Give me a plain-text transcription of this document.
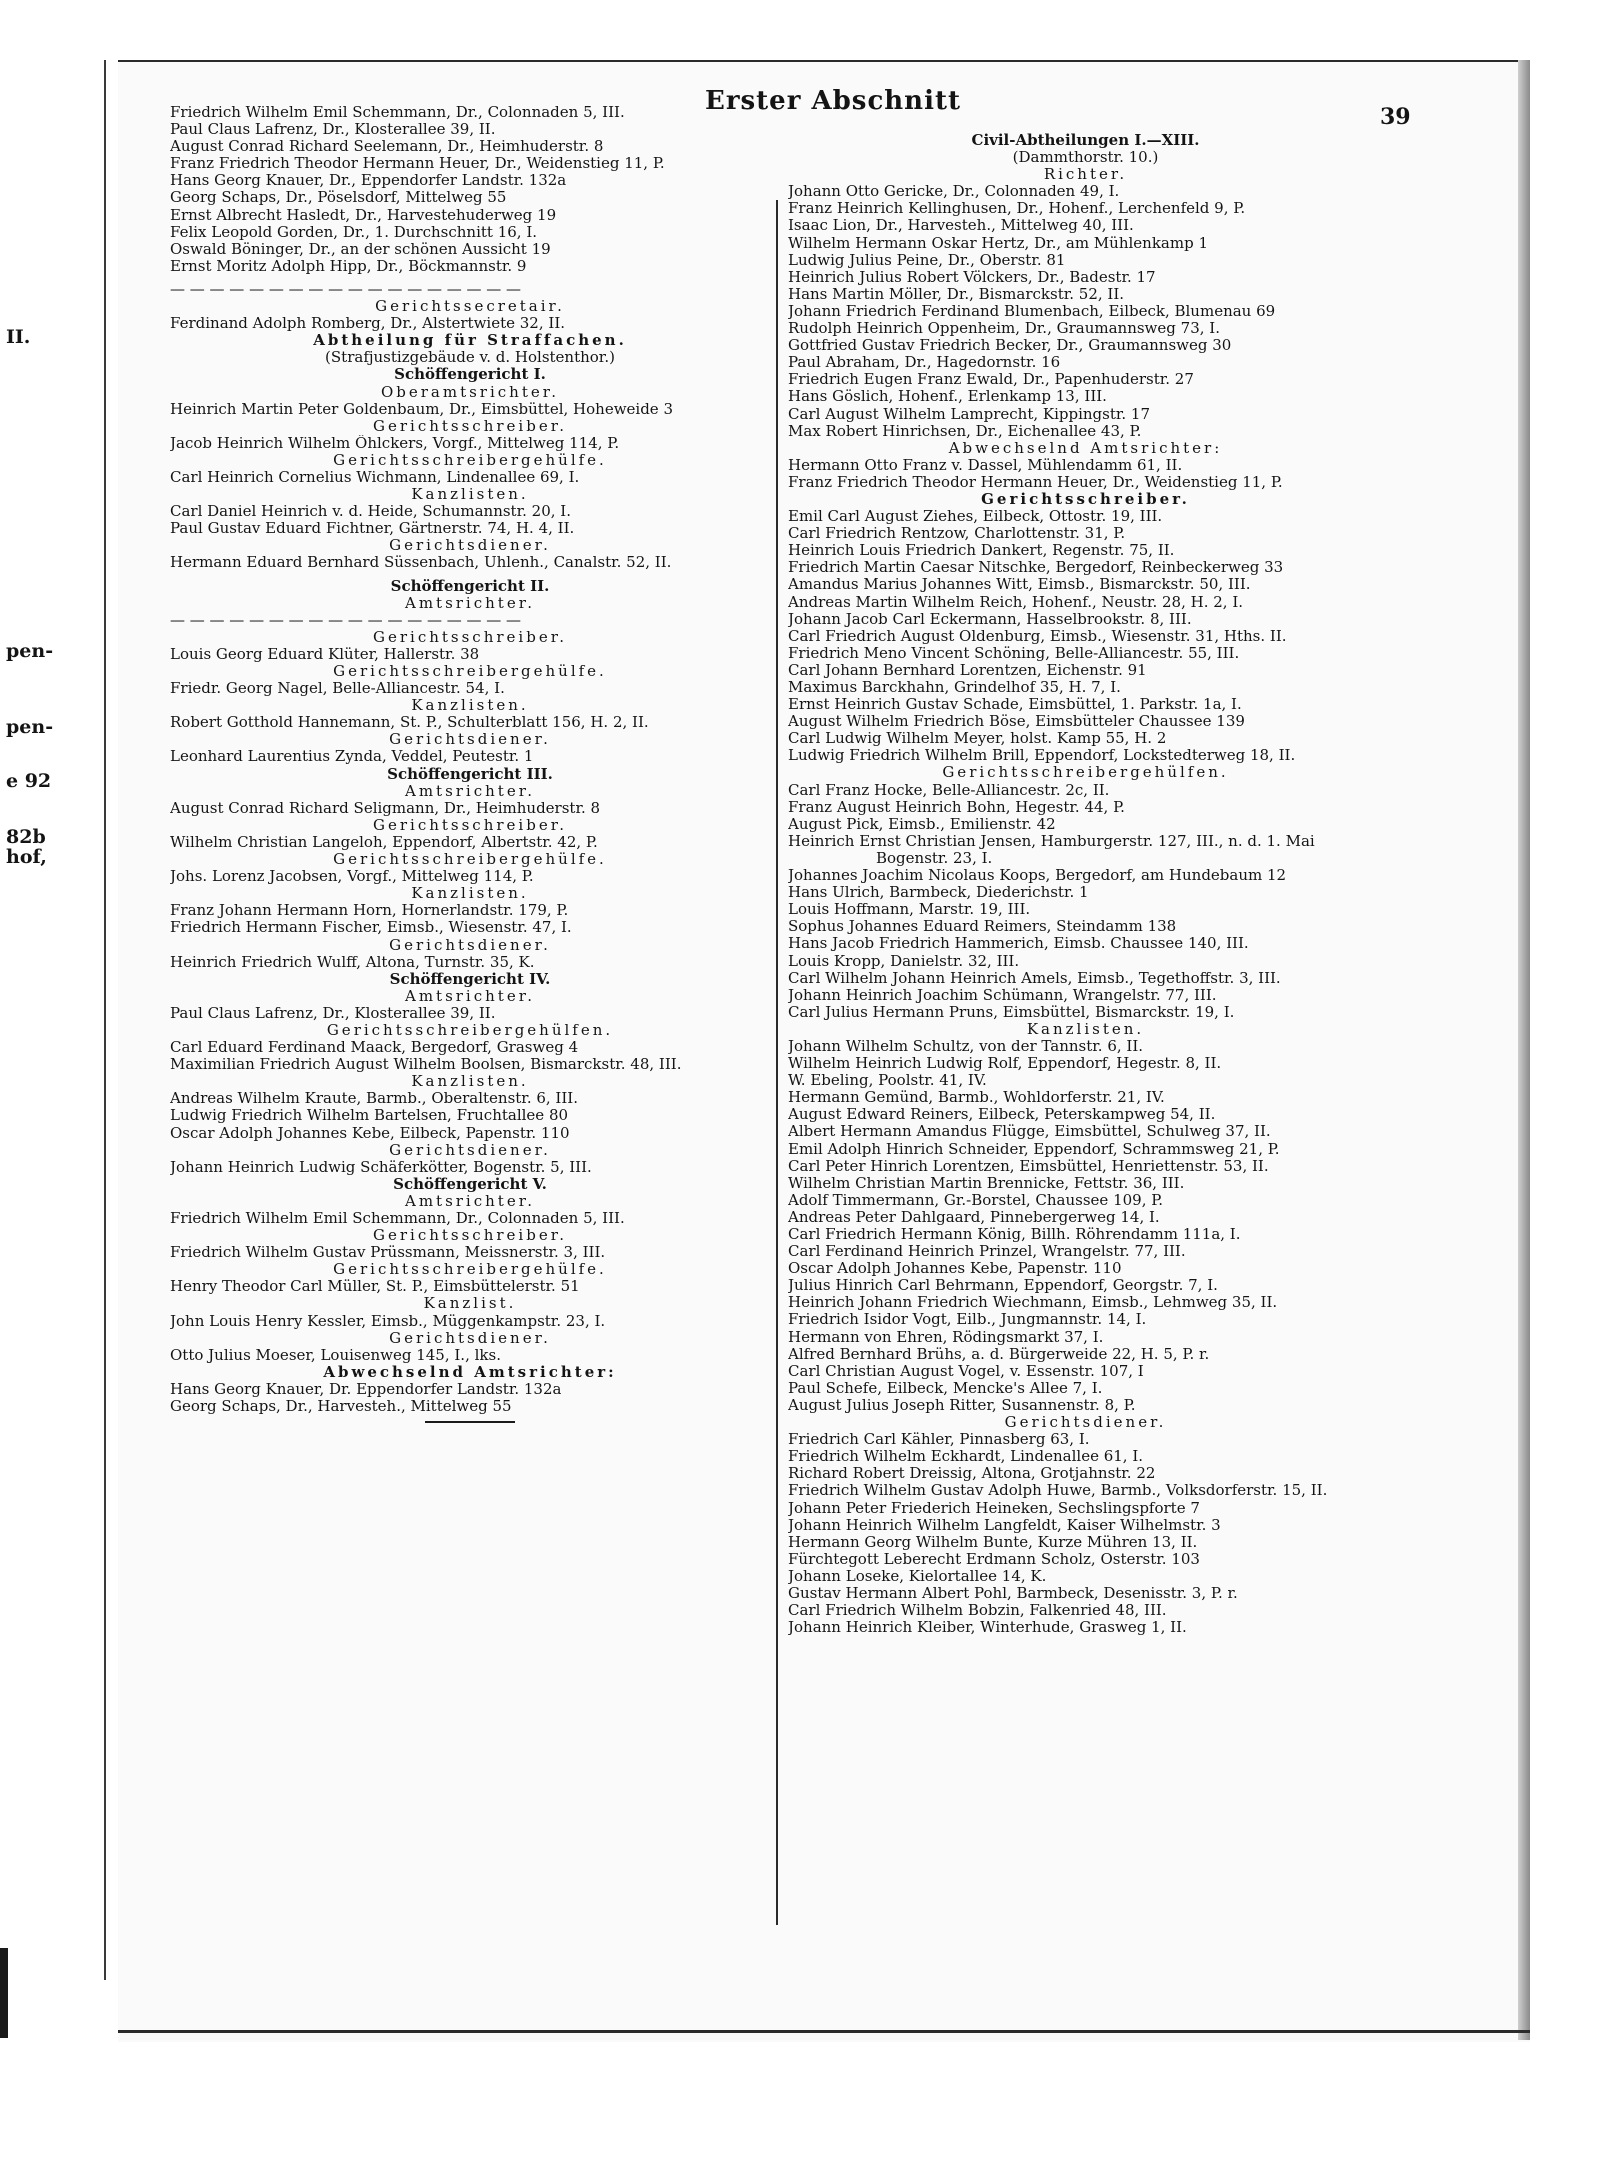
II.
pen-
pen-
e 92
82b
hof,
Erster Abschnitt
39
Friedrich Wilhelm Emil Schemmann, Dr., Colonnaden 5, III.
Paul Claus Lafrenz, Dr., Klosterallee 39, II.
August Conrad Richard Seelemann, Dr., Heimhuderstr. 8
Franz Friedrich Theodor Hermann Heuer, Dr., Weidenstieg 11, P.
Hans Georg Knauer, Dr., Eppendorfer Landstr. 132a
Georg Schaps, Dr., Pöselsdorf, Mittelweg 55
Ernst Albrecht Hasledt, Dr., Harvestehuderweg 19
Felix Leopold Gorden, Dr., 1. Durchschnitt 16, I.
Oswald Böninger, Dr., an der schönen Aussicht 19
Ernst Moritz Adolph Hipp, Dr., Böckmannstr. 9
— — — — — — — — — — — — — — — — — —
Gerichtssecretair.
Ferdinand Adolph Romberg, Dr., Alstertwiete 32, II.
Abtheilung für Straffachen.
(Strafjustizgebäude v. d. Holstenthor.)
Schöffengericht I.
Oberamtsrichter.
Heinrich Martin Peter Goldenbaum, Dr., Eimsbüttel, Hoheweide 3
Gerichtsschreiber.
Jacob Heinrich Wilhelm Öhlckers, Vorgf., Mittelweg 114, P.
Gerichtsschreibergehülfe.
Carl Heinrich Cornelius Wichmann, Lindenallee 69, I.
Kanzlisten.
Carl Daniel Heinrich v. d. Heide, Schumannstr. 20, I.
Paul Gustav Eduard Fichtner, Gärtnerstr. 74, H. 4, II.
Gerichtsdiener.
Hermann Eduard Bernhard Süssenbach, Uhlenh., Canalstr. 52, II.
Schöffengericht II.
Amtsrichter.
— — — — — — — — — — — — — — — — — —
Gerichtsschreiber.
Louis Georg Eduard Klüter, Hallerstr. 38
Gerichtsschreibergehülfe.
Friedr. Georg Nagel, Belle-Alliancestr. 54, I.
Kanzlisten.
Robert Gotthold Hannemann, St. P., Schulterblatt 156, H. 2, II.
Gerichtsdiener.
Leonhard Laurentius Zynda, Veddel, Peutestr. 1
Schöffengericht III.
Amtsrichter.
August Conrad Richard Seligmann, Dr., Heimhuderstr. 8
Gerichtsschreiber.
Wilhelm Christian Langeloh, Eppendorf, Albertstr. 42, P.
Gerichtsschreibergehülfe.
Johs. Lorenz Jacobsen, Vorgf., Mittelweg 114, P.
Kanzlisten.
Franz Johann Hermann Horn, Hornerlandstr. 179, P.
Friedrich Hermann Fischer, Eimsb., Wiesenstr. 47, I.
Gerichtsdiener.
Heinrich Friedrich Wulff, Altona, Turnstr. 35, K.
Schöffengericht IV.
Amtsrichter.
Paul Claus Lafrenz, Dr., Klosterallee 39, II.
Gerichtsschreibergehülfen.
Carl Eduard Ferdinand Maack, Bergedorf, Grasweg 4
Maximilian Friedrich August Wilhelm Boolsen, Bismarckstr. 48, III.
Kanzlisten.
Andreas Wilhelm Kraute, Barmb., Oberaltenstr. 6, III.
Ludwig Friedrich Wilhelm Bartelsen, Fruchtallee 80
Oscar Adolph Johannes Kebe, Eilbeck, Papenstr. 110
Gerichtsdiener.
Johann Heinrich Ludwig Schäferkötter, Bogenstr. 5, III.
Schöffengericht V.
Amtsrichter.
Friedrich Wilhelm Emil Schemmann, Dr., Colonnaden 5, III.
Gerichtsschreiber.
Friedrich Wilhelm Gustav Prüssmann, Meissnerstr. 3, III.
Gerichtsschreibergehülfe.
Henry Theodor Carl Müller, St. P., Eimsbüttelerstr. 51
Kanzlist.
John Louis Henry Kessler, Eimsb., Müggenkampstr. 23, I.
Gerichtsdiener.
Otto Julius Moeser, Louisenweg 145, I., lks.
Abwechselnd Amtsrichter:
Hans Georg Knauer, Dr. Eppendorfer Landstr. 132a
Georg Schaps, Dr., Harvesteh., Mittelweg 55
Civil-Abtheilungen I.—XIII.
(Dammthorstr. 10.)
Richter.
Johann Otto Gericke, Dr., Colonnaden 49, I.
Franz Heinrich Kellinghusen, Dr., Hohenf., Lerchenfeld 9, P.
Isaac Lion, Dr., Harvesteh., Mittelweg 40, III.
Wilhelm Hermann Oskar Hertz, Dr., am Mühlenkamp 1
Ludwig Julius Peine, Dr., Oberstr. 81
Heinrich Julius Robert Völckers, Dr., Badestr. 17
Hans Martin Möller, Dr., Bismarckstr. 52, II.
Johann Friedrich Ferdinand Blumenbach, Eilbeck, Blumenau 69
Rudolph Heinrich Oppenheim, Dr., Graumannsweg 73, I.
Gottfried Gustav Friedrich Becker, Dr., Graumannsweg 30
Paul Abraham, Dr., Hagedornstr. 16
Friedrich Eugen Franz Ewald, Dr., Papenhuderstr. 27
Hans Göslich, Hohenf., Erlenkamp 13, III.
Carl August Wilhelm Lamprecht, Kippingstr. 17
Max Robert Hinrichsen, Dr., Eichenallee 43, P.
Abwechselnd Amtsrichter:
Hermann Otto Franz v. Dassel, Mühlendamm 61, II.
Franz Friedrich Theodor Hermann Heuer, Dr., Weidenstieg 11, P.
Gerichtsschreiber.
Emil Carl August Ziehes, Eilbeck, Ottostr. 19, III.
Carl Friedrich Rentzow, Charlottenstr. 31, P.
Heinrich Louis Friedrich Dankert, Regenstr. 75, II.
Friedrich Martin Caesar Nitschke, Bergedorf, Reinbeckerweg 33
Amandus Marius Johannes Witt, Eimsb., Bismarckstr. 50, III.
Andreas Martin Wilhelm Reich, Hohenf., Neustr. 28, H. 2, I.
Johann Jacob Carl Eckermann, Hasselbrookstr. 8, III.
Carl Friedrich August Oldenburg, Eimsb., Wiesenstr. 31, Hths. II.
Friedrich Meno Vincent Schöning, Belle-Alliancestr. 55, III.
Carl Johann Bernhard Lorentzen, Eichenstr. 91
Maximus Barckhahn, Grindelhof 35, H. 7, I.
Ernst Heinrich Gustav Schade, Eimsbüttel, 1. Parkstr. 1a, I.
August Wilhelm Friedrich Böse, Eimsbütteler Chaussee 139
Carl Ludwig Wilhelm Meyer, holst. Kamp 55, H. 2
Ludwig Friedrich Wilhelm Brill, Eppendorf, Lockstedterweg 18, II.
Gerichtsschreibergehülfen.
Carl Franz Hocke, Belle-Alliancestr. 2c, II.
Franz August Heinrich Bohn, Hegestr. 44, P.
August Pick, Eimsb., Emilienstr. 42
Heinrich Ernst Christian Jensen, Hamburgerstr. 127, III., n. d. 1. Mai
Bogenstr. 23, I.
Johannes Joachim Nicolaus Koops, Bergedorf, am Hundebaum 12
Hans Ulrich, Barmbeck, Diederichstr. 1
Louis Hoffmann, Marstr. 19, III.
Sophus Johannes Eduard Reimers, Steindamm 138
Hans Jacob Friedrich Hammerich, Eimsb. Chaussee 140, III.
Louis Kropp, Danielstr. 32, III.
Carl Wilhelm Johann Heinrich Amels, Eimsb., Tegethoffstr. 3, III.
Johann Heinrich Joachim Schümann, Wrangelstr. 77, III.
Carl Julius Hermann Pruns, Eimsbüttel, Bismarckstr. 19, I.
Kanzlisten.
Johann Wilhelm Schultz, von der Tannstr. 6, II.
Wilhelm Heinrich Ludwig Rolf, Eppendorf, Hegestr. 8, II.
W. Ebeling, Poolstr. 41, IV.
Hermann Gemünd, Barmb., Wohldorferstr. 21, IV.
August Edward Reiners, Eilbeck, Peterskampweg 54, II.
Albert Hermann Amandus Flügge, Eimsbüttel, Schulweg 37, II.
Emil Adolph Hinrich Schneider, Eppendorf, Schrammsweg 21, P.
Carl Peter Hinrich Lorentzen, Eimsbüttel, Henriettenstr. 53, II.
Wilhelm Christian Martin Brennicke, Fettstr. 36, III.
Adolf Timmermann, Gr.-Borstel, Chaussee 109, P.
Andreas Peter Dahlgaard, Pinnebergerweg 14, I.
Carl Friedrich Hermann König, Billh. Röhrendamm 111a, I.
Carl Ferdinand Heinrich Prinzel, Wrangelstr. 77, III.
Oscar Adolph Johannes Kebe, Papenstr. 110
Julius Hinrich Carl Behrmann, Eppendorf, Georgstr. 7, I.
Heinrich Johann Friedrich Wiechmann, Eimsb., Lehmweg 35, II.
Friedrich Isidor Vogt, Eilb., Jungmannstr. 14, I.
Hermann von Ehren, Rödingsmarkt 37, I.
Alfred Bernhard Brühs, a. d. Bürgerweide 22, H. 5, P. r.
Carl Christian August Vogel, v. Essenstr. 107, I
Paul Schefe, Eilbeck, Mencke's Allee 7, I.
August Julius Joseph Ritter, Susannenstr. 8, P.
Gerichtsdiener.
Friedrich Carl Kähler, Pinnasberg 63, I.
Friedrich Wilhelm Eckhardt, Lindenallee 61, I.
Richard Robert Dreissig, Altona, Grotjahnstr. 22
Friedrich Wilhelm Gustav Adolph Huwe, Barmb., Volksdorferstr. 15, II.
Johann Peter Friederich Heineken, Sechslingspforte 7
Johann Heinrich Wilhelm Langfeldt, Kaiser Wilhelmstr. 3
Hermann Georg Wilhelm Bunte, Kurze Mühren 13, II.
Fürchtegott Leberecht Erdmann Scholz, Osterstr. 103
Johann Loseke, Kielortallee 14, K.
Gustav Hermann Albert Pohl, Barmbeck, Desenisstr. 3, P. r.
Carl Friedrich Wilhelm Bobzin, Falkenried 48, III.
Johann Heinrich Kleiber, Winterhude, Grasweg 1, II.
